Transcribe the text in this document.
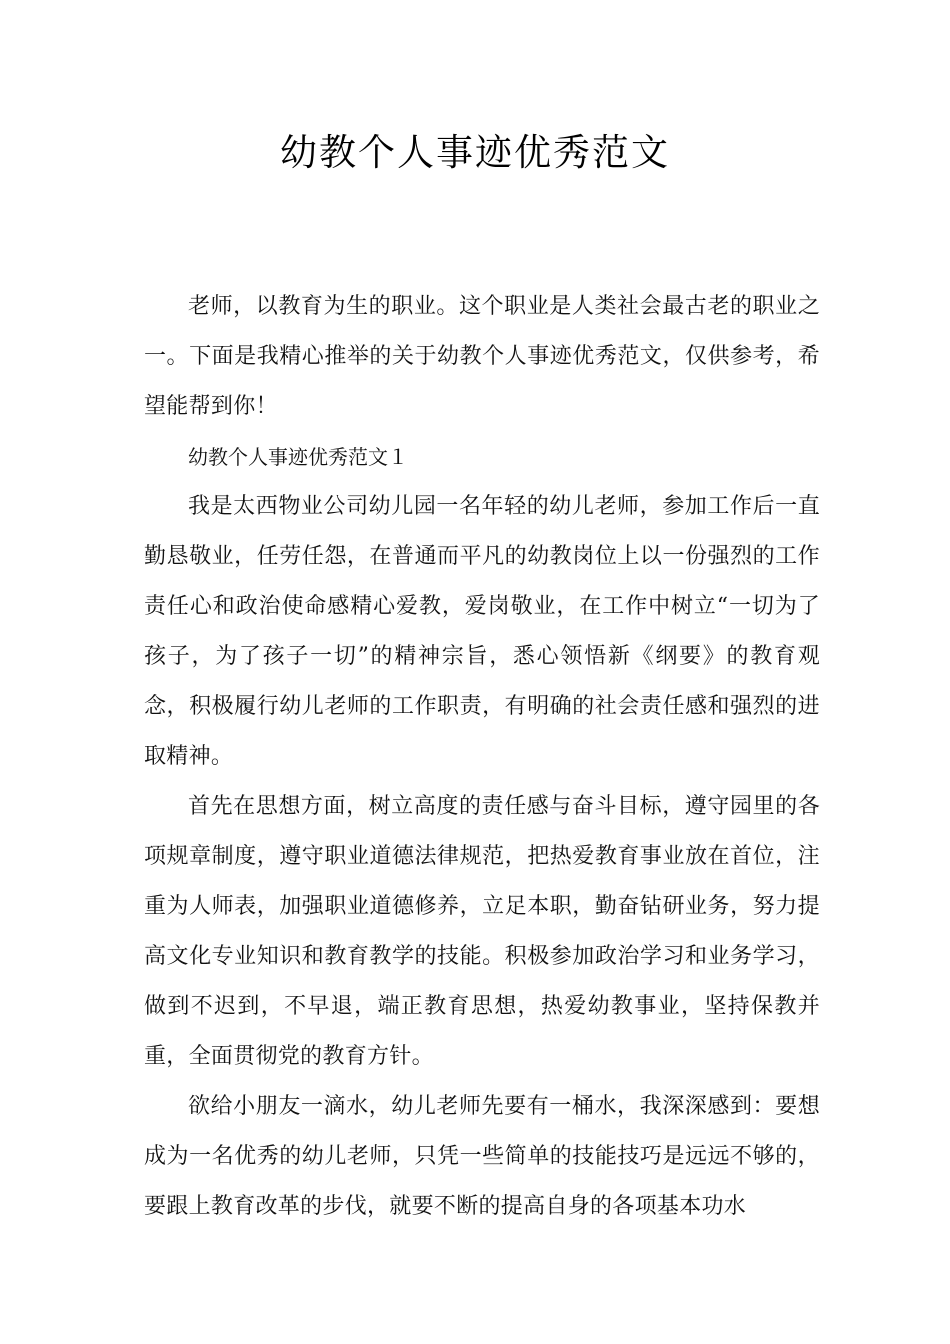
幼教个人事迹优秀范文

老师，以教育为生的职业。这个职业是人类社会最古老的职业之一。下面是我精心推举的关于幼教个人事迹优秀范文，仅供参考，希望能帮到你！

幼教个人事迹优秀范文１

我是太西物业公司幼儿园一名年轻的幼儿老师，参加工作后一直勤恳敬业，任劳任怨，在普通而平凡的幼教岗位上以一份强烈的工作责任心和政治使命感精心爱教，爱岗敬业，在工作中树立“一切为了孩子，为了孩子一切”的精神宗旨，悉心领悟新《纲要》的教育观念，积极履行幼儿老师的工作职责，有明确的社会责任感和强烈的进取精神。

首先在思想方面，树立高度的责任感与奋斗目标，遵守园里的各项规章制度，遵守职业道德法律规范，把热爱教育事业放在首位，注重为人师表，加强职业道德修养，立足本职，勤奋钻研业务，努力提高文化专业知识和教育教学的技能。积极参加政治学习和业务学习，做到不迟到，不早退，端正教育思想，热爱幼教事业，坚持保教并重，全面贯彻党的教育方针。

欲给小朋友一滴水，幼儿老师先要有一桶水，我深深感到：要想成为一名优秀的幼儿老师，只凭一些简单的技能技巧是远远不够的，要跟上教育改革的步伐，就要不断的提高自身的各项基本功水
